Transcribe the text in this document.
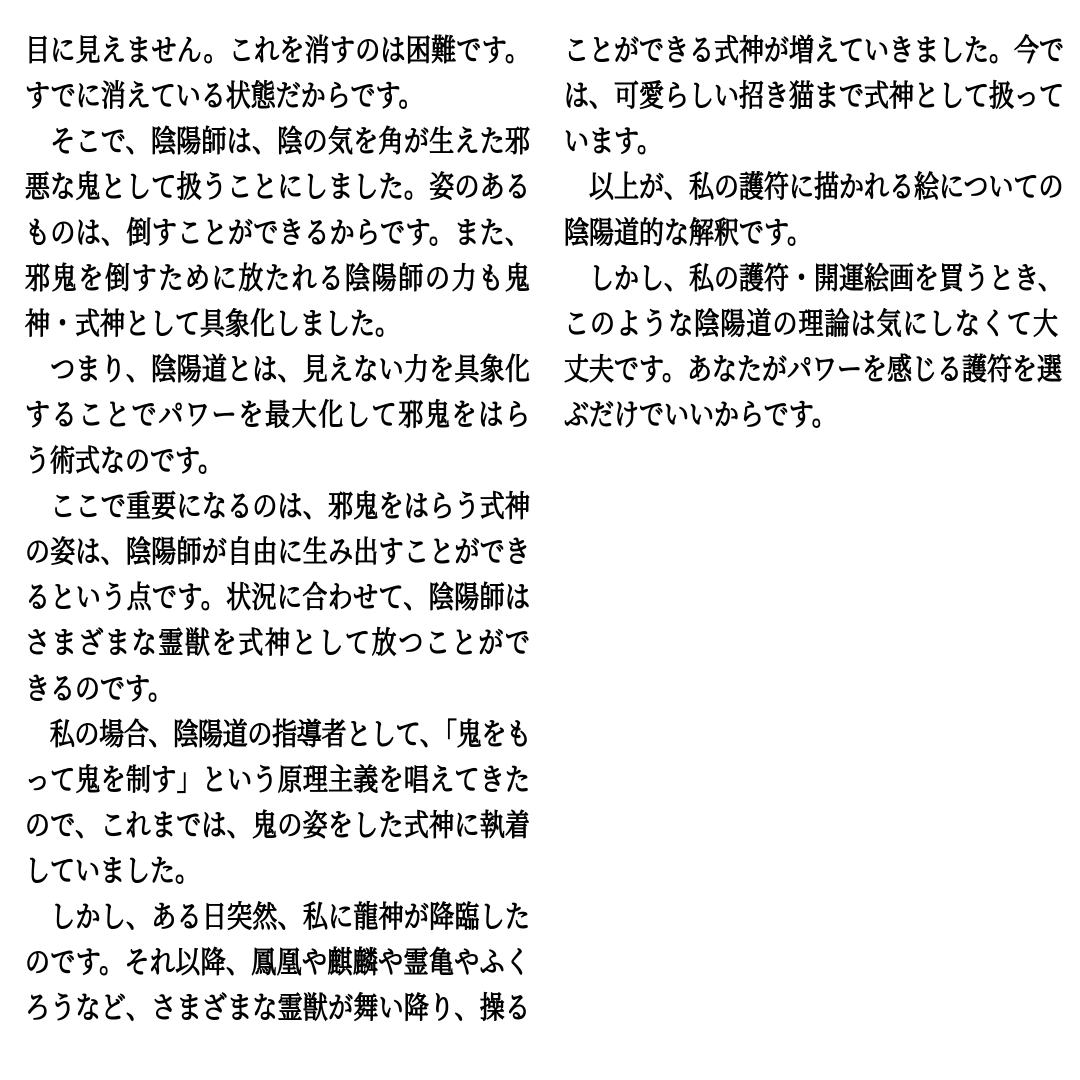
目に見えません。これを消すのは困難です。
すでに消えている状態だからです。
　そこで、陰陽師は、陰の気を角が生えた邪
悪な鬼として扱うことにしました。姿のある
ものは、倒すことができるからです。また、
邪鬼を倒すために放たれる陰陽師の力も鬼
神・式神として具象化しました。
　つまり、陰陽道とは、見えない力を具象化
することでパワーを最大化して邪鬼をはら
う術式なのです。
　ここで重要になるのは、邪鬼をはらう式神
の姿は、陰陽師が自由に生み出すことができ
るという点です。状況に合わせて、陰陽師は
さまざまな霊獣を式神として放つことがで
きるのです。
　私の場合、陰陽道の指導者として、「鬼をも
って鬼を制す」という原理主義を唱えてきた
ので、これまでは、鬼の姿をした式神に執着
していました。
　しかし、ある日突然、私に龍神が降臨した
のです。それ以降、鳳凰や麒麟や霊亀やふく
ろうなど、さまざまな霊獣が舞い降り、操る
ことができる式神が増えていきました。今で
は、可愛らしい招き猫まで式神として扱って
います。
　以上が、私の護符に描かれる絵についての
陰陽道的な解釈です。
　しかし、私の護符・開運絵画を買うとき、
このような陰陽道の理論は気にしなくて大
丈夫です。あなたがパワーを感じる護符を選
ぶだけでいいからです。
